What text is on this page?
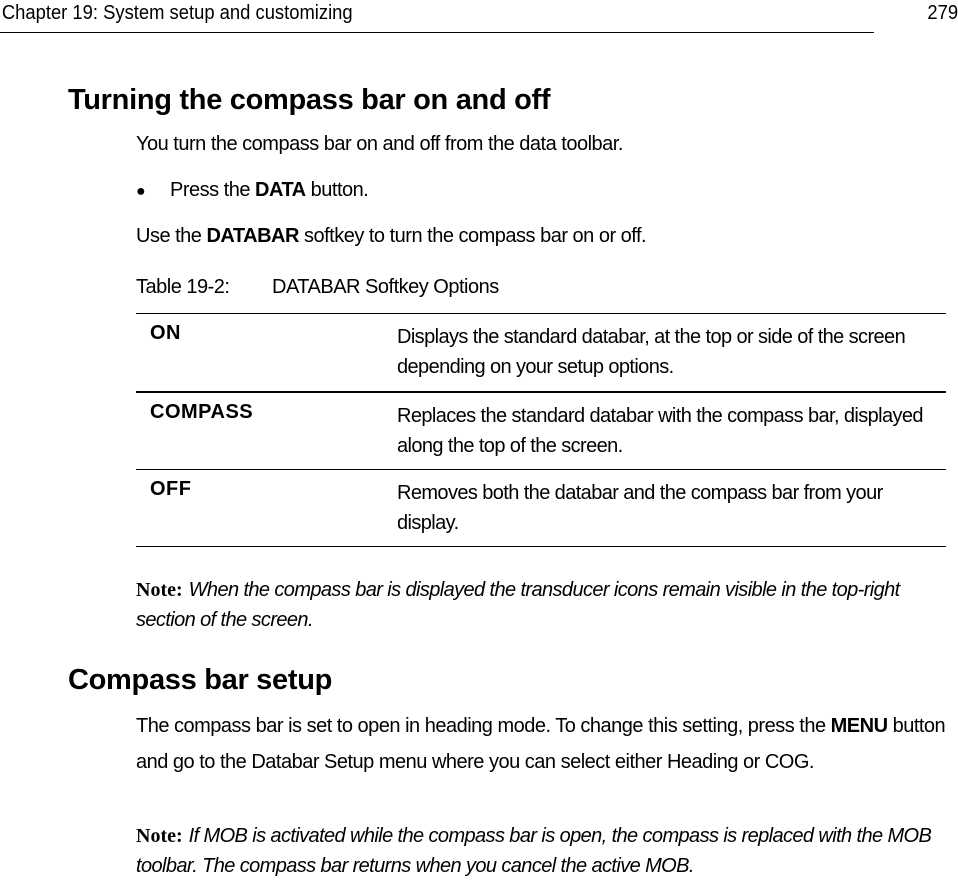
Chapter 19: System setup and customizing	279
Turning the compass bar on and off

You turn the compass bar on and off from the data toolbar.

● Press the DATA button.

Use the DATABAR softkey to turn the compass bar on or off.

Table 19-2: DATABAR Softkey Options
ON	Displays the standard databar, at the top or side of the screen depending on your setup options.
COMPASS	Replaces the standard databar with the compass bar, displayed along the top of the screen.
OFF	Removes both the databar and the compass bar from your display.

Note: When the compass bar is displayed the transducer icons remain visible in the top-right section of the screen.

Compass bar setup

The compass bar is set to open in heading mode. To change this setting, press the MENU button and go to the Databar Setup menu where you can select either Heading or COG.

Note: If MOB is activated while the compass bar is open, the compass is replaced with the MOB toolbar. The compass bar returns when you cancel the active MOB.
